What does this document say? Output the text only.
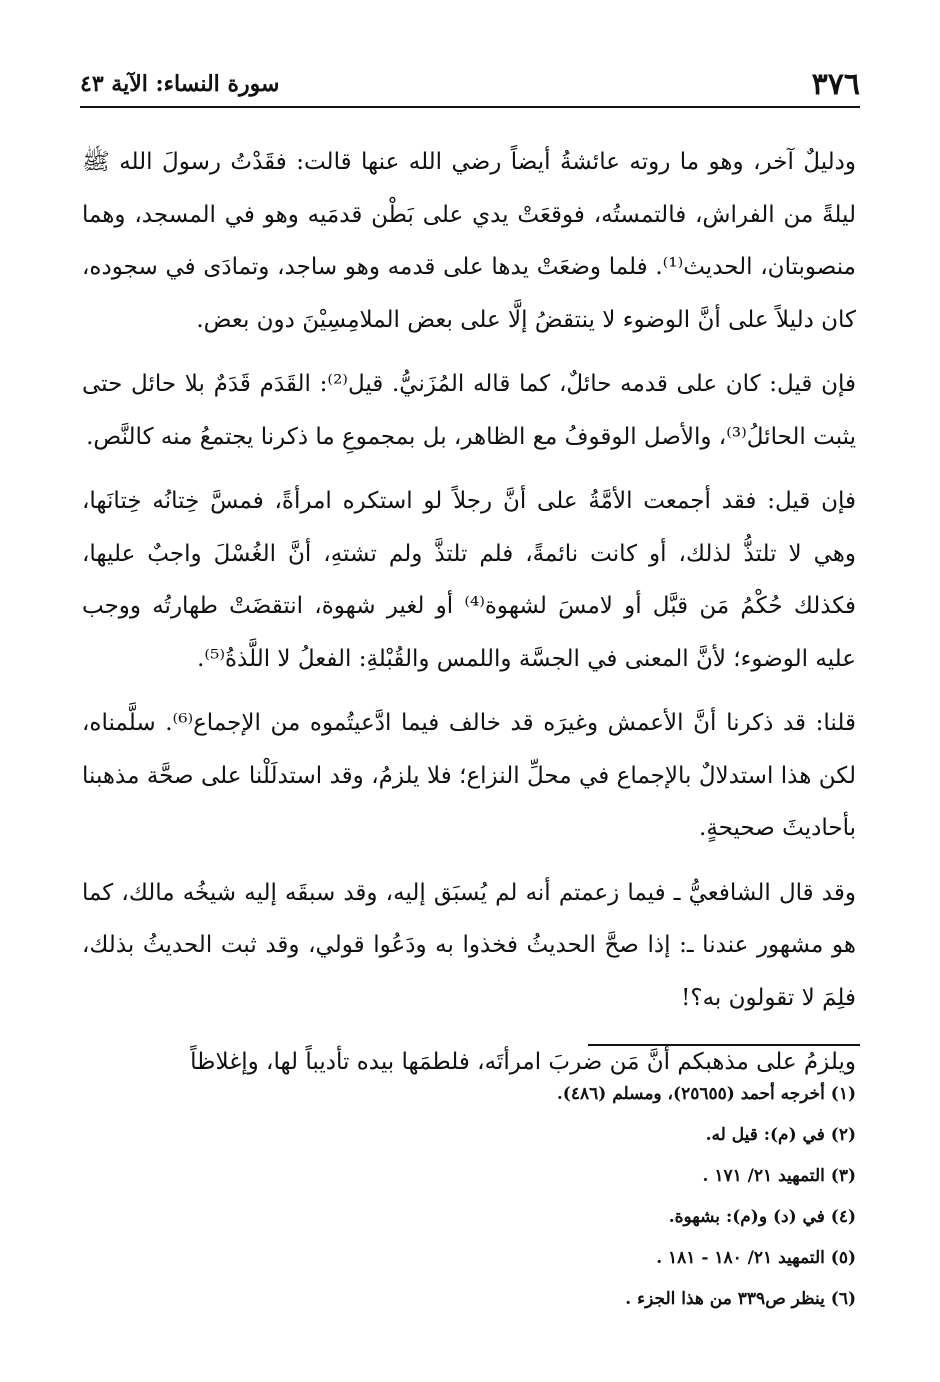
٣٧٦
سورة النساء: الآية ٤٣

ودليلٌ آخر، وهو ما روته عائشةُ أيضاً رضي الله عنها قالت: فقَدْتُ رسولَ الله ﷺ ليلةً من الفراش، فالتمستُه، فوقعَتْ يدي على بَطْن قدمَيه وهو في المسجد، وهما منصوبتان، الحديث⁽¹⁾. فلما وضعَتْ يدها على قدمه وهو ساجد، وتمادَى في سجوده، كان دليلاً على أنَّ الوضوء لا ينتقضُ إلَّا على بعض الملامِسِيْنَ دون بعض.

فإن قيل: كان على قدمه حائلٌ، كما قاله المُزَنيُّ. قيل⁽²⁾: القَدَم قَدَمٌ بلا حائل حتى يثبت الحائلُ⁽³⁾، والأصل الوقوفُ مع الظاهر، بل بمجموعِ ما ذكرنا يجتمعُ منه كالنَّص.

فإن قيل: فقد أجمعت الأمَّةُ على أنَّ رجلاً لو استكره امرأةً، فمسَّ خِتانُه خِتانَها، وهي لا تلتذُّ لذلك، أو كانت نائمةً، فلم تلتذَّ ولم تشتهِ، أنَّ الغُسْلَ واجبٌ عليها، فكذلك حُكْمُ مَن قبَّل أو لامسَ لشهوة⁽⁴⁾ أو لغير شهوة، انتقضَتْ طهارتُه ووجب عليه الوضوء؛ لأنَّ المعنى في الجسَّة واللمس والقُبْلةِ: الفعلُ لا اللَّذةُ⁽⁵⁾.

قلنا: قد ذكرنا أنَّ الأعمش وغيرَه قد خالف فيما ادَّعيتُموه من الإجماع⁽⁶⁾. سلَّمناه، لكن هذا استدلالٌ بالإجماع في محلِّ النزاع؛ فلا يلزمُ، وقد استدلَلْنا على صحَّة مذهبنا بأحاديثَ صحيحةٍ.

وقد قال الشافعيُّ ـ فيما زعمتم أنه لم يُسبَق إليه، وقد سبقَه إليه شيخُه مالك، كما هو مشهور عندنا ـ: إذا صحَّ الحديثُ فخذوا به ودَعُوا قولي، وقد ثبت الحديثُ بذلك، فلِمَ لا تقولون به؟!

ويلزمُ على مذهبكم أنَّ مَن ضربَ امرأتَه، فلطمَها بيده تأديباً لها، وإغلاظاً

(١) أخرجه أحمد (٢٥٦٥٥)، ومسلم (٤٨٦).
(٢) في (م): قيل له.
(٣) التمهيد ٢١/ ١٧١ .
(٤) في (د) و(م): بشهوة.
(٥) التمهيد ٢١/ ١٨٠ - ١٨١ .
(٦) ينظر ص٣٣٩ من هذا الجزء .
